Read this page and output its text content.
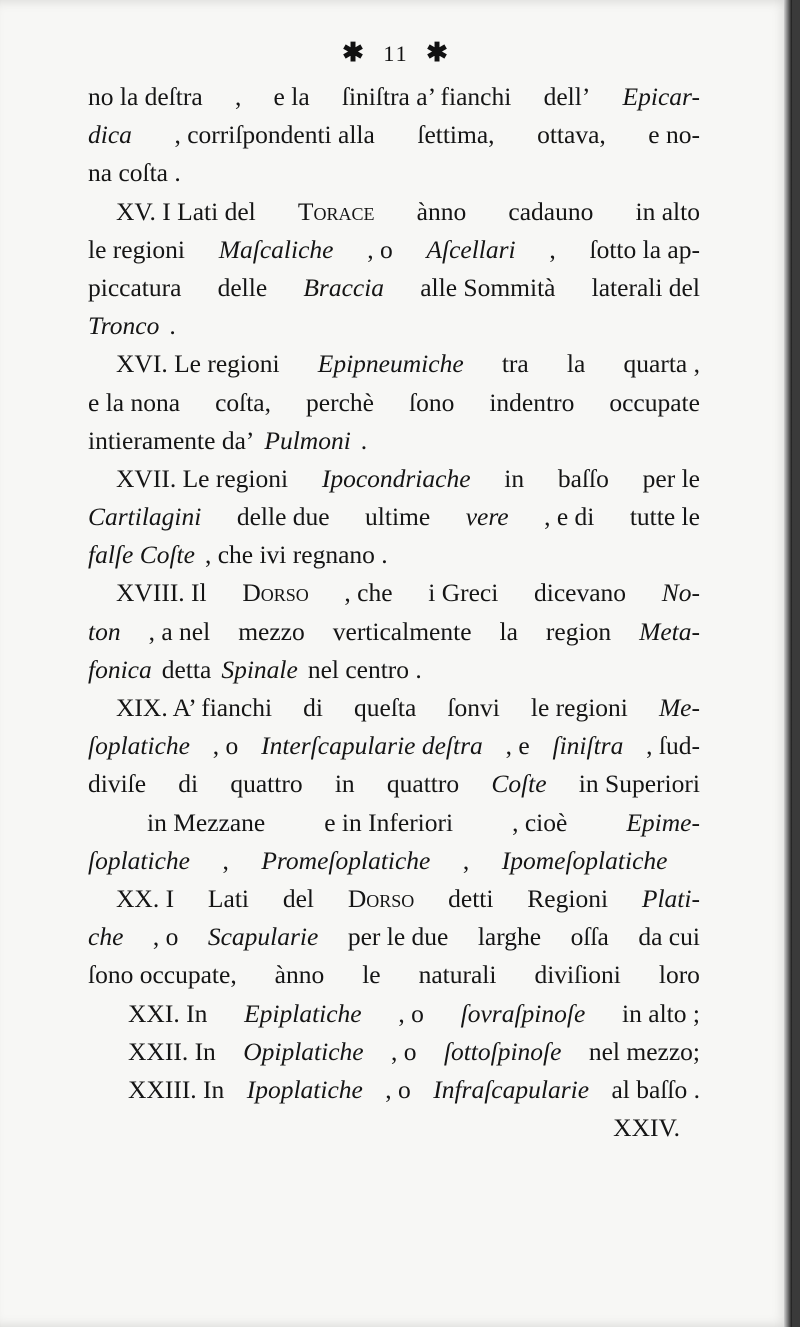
✱ 11 ✱
no la deſtra , e la ſiniſtra a’ fianchi dell’ Epicar-
dica , corriſpondenti alla ſettima, ottava, e no-
na coſta .
XV. I Lati del Torace ànno cadauno in alto
le regioni Maſcaliche , o Aſcellari , ſotto la ap-
piccatura delle Braccia alle Sommità laterali del
Tronco .
XVI. Le regioni Epipneumiche tra la quarta ,
e la nona coſta, perchè ſono indentro occupate
intieramente da’ Pulmoni .
XVII. Le regioni Ipocondriache in baſſo per le
Cartilagini delle due ultime vere , e di tutte le
falſe Coſte , che ivi regnano .
XVIII. Il Dorso , che i Greci dicevano No-
ton , a nel mezzo verticalmente la region Meta-
fonica detta Spinale nel centro .
XIX. A’ fianchi di queſta ſonvi le regioni Me-
ſoplatiche , o Interſcapularie deſtra , e ſiniſtra , ſud-
diviſe di quattro in quattro Coſte in Superiori
in Mezzane e in Inferiori , cioè Epime-
ſoplatiche , Promeſoplatiche , Ipomeſoplatiche
XX. I Lati del Dorso detti Regioni Plati-
che , o Scapularie per le due larghe oſſa da cui
ſono occupate, ànno le naturali diviſioni loro
XXI. In Epiplatiche , o ſovraſpinoſe in alto ;
XXII. In Opiplatiche , o ſottoſpinoſe nel mezzo;
XXIII. In Ipoplatiche , o Infraſcapularie al baſſo .
XXIV.
